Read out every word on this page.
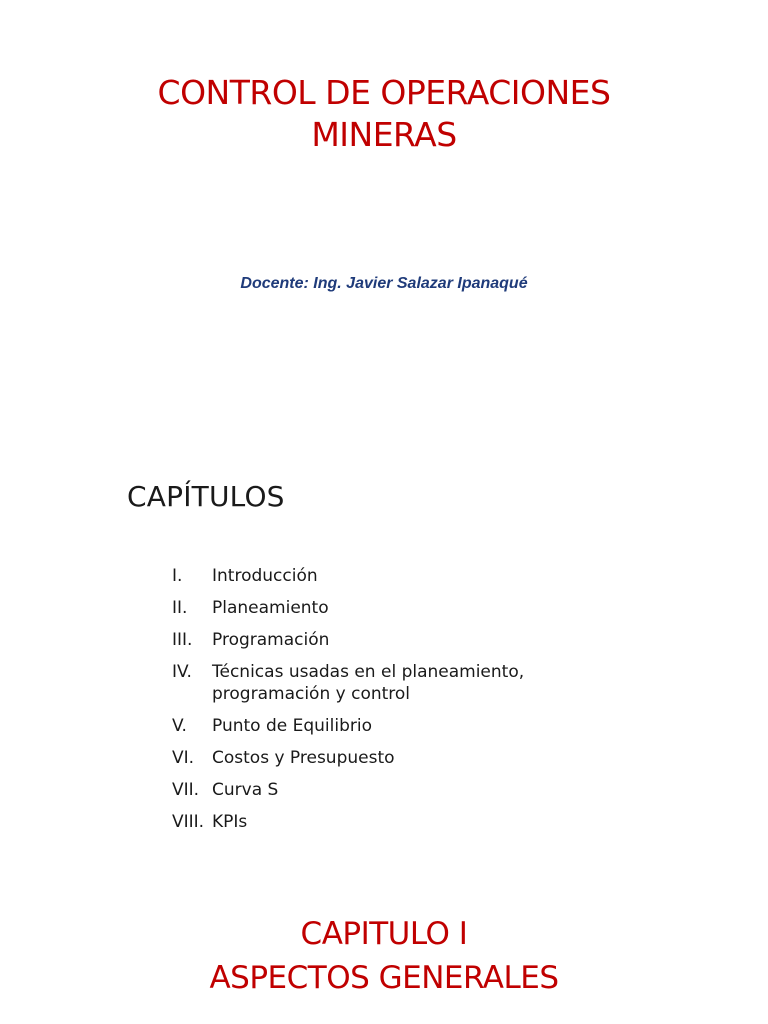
CONTROL DE OPERACIONES
MINERAS
Docente: Ing. Javier Salazar Ipanaqué
CAPÍTULOS
I.	Introducción
II.	Planeamiento
III.	Programación
IV.	Técnicas usadas en el planeamiento, programación y control
V.	Punto de Equilibrio
VI.	Costos y Presupuesto
VII. Curva S
VIII. KPIs
CAPITULO I
ASPECTOS GENERALES
